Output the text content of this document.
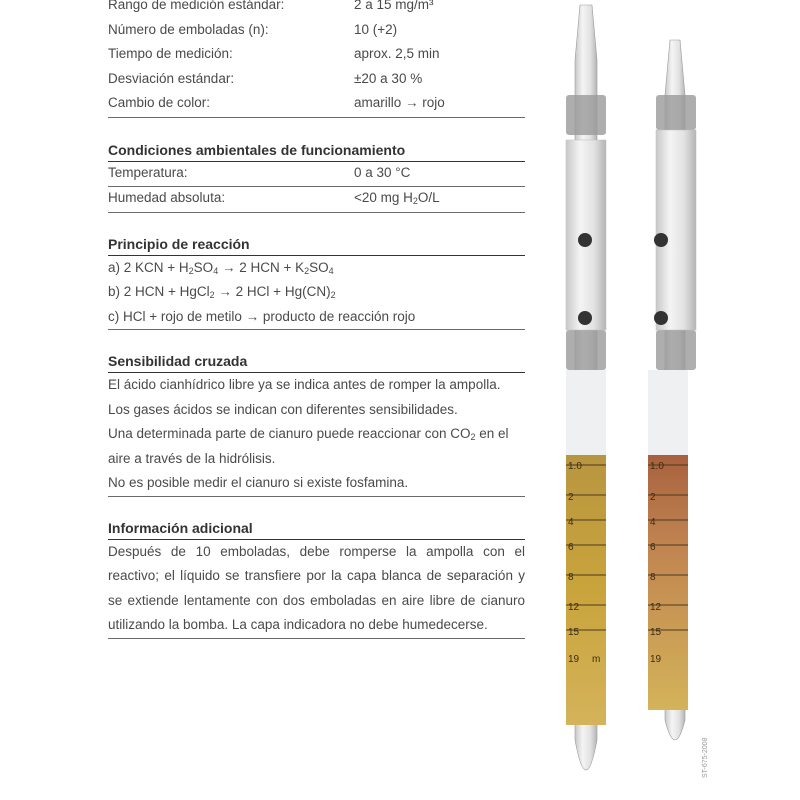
Rango de medición estándar:	2 a 15 mg/m³
Número de emboladas (n):	10 (+2)
Tiempo de medición:	aprox. 2,5 min
Desviación estándar:	±20 a 30 %
Cambio de color:	amarillo → rojo
Condiciones ambientales de funcionamiento
Temperatura:	0 a 30 °C
Humedad absoluta:	<20 mg $H_2O/L$
Principio de reacción
a) 2 KCN + $H_2SO_4 \to 2$ HCN + $K_2SO_4$
b) 2 HCN + HgCl$_2$ → 2 HCl + $Hg(CN)_2$
c) HCl + rojo de metilo → producto de reacción rojo
Sensibilidad cruzada
El ácido cianhídrico libre ya se indica antes de romper la ampolla.
Los gases ácidos se indican con diferentes sensibilidades.
Una determinada parte de cianuro puede reaccionar con $CO_2$ en el
aire a través de la hidrólisis.
No es posible medir el cianuro si existe fosfamina.
Información adicional
Después de 10 emboladas, debe romperse la ampolla con el
reactivo; el líquido se transfiere por la capa blanca de separación y
se extiende lentamente con dos emboladas en aire libre de cianuro
utilizando la bomba. La capa indicadora no debe humedecerse.
1.0
2
4
6
8
12
15
19
1.0
2
4
6
8
12
15
19
m
ST-675-2008
